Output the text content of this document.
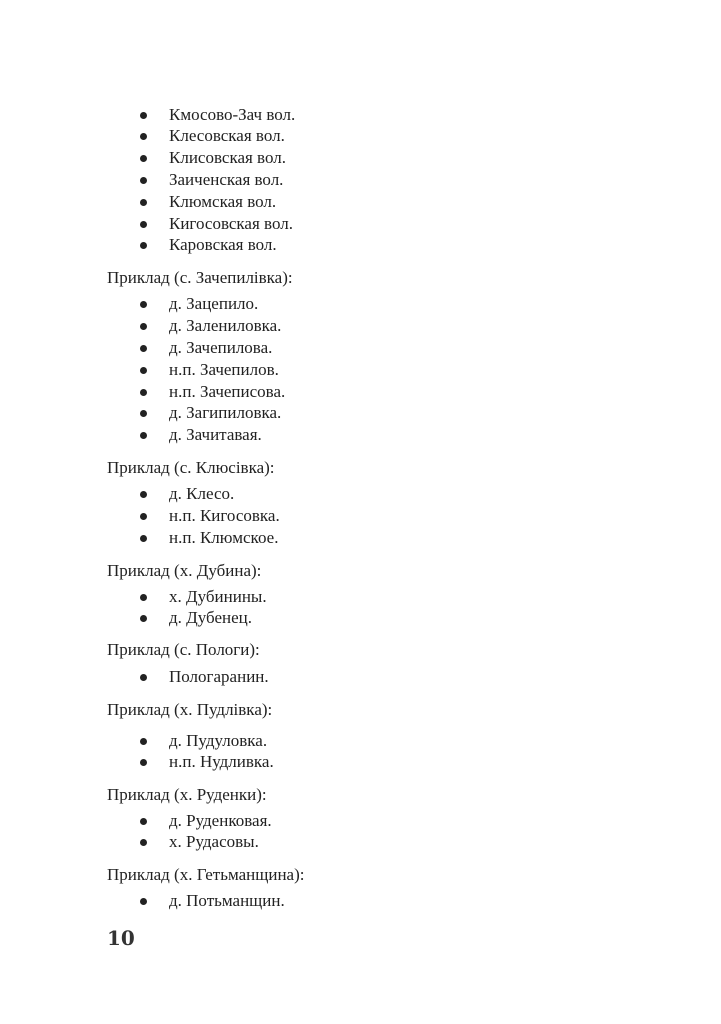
Кмосово-Зач вол.
Клесовская вол.
Клисовская вол.
Заиченская вол.
Клюмская вол.
Кигосовская вол.
Каровская вол.
Приклад (с. Зачепилівка):
д. Зацепило.
д. Залениловка.
д. Зачепилова.
н.п. Зачепилов.
н.п. Зачеписова.
д. Загипиловка.
д. Зачитавая.
Приклад (с. Клюсівка):
д. Клесо.
н.п. Кигосовка.
н.п. Клюмское.
Приклад (х. Дубина):
х. Дубинины.
д. Дубенец.
Приклад (с. Пологи):
Пологаранин.
Приклад (х. Пудлівка):
д. Пудуловка.
н.п. Нудливка.
Приклад (х. Руденки):
д. Руденковая.
х. Рудасовы.
Приклад (х. Гетьманщина):
д. Потьманщин.
10
